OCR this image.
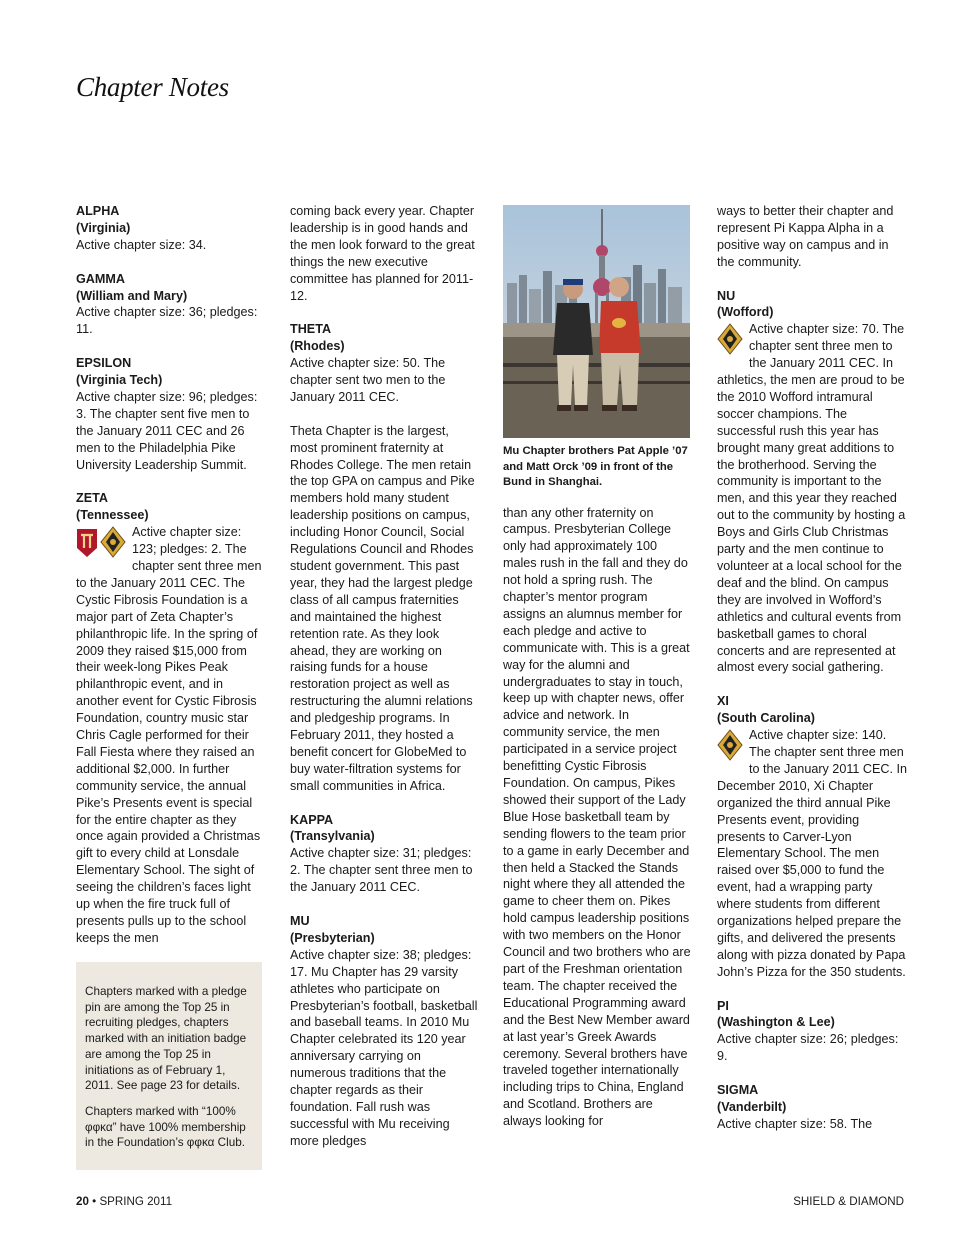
Chapter Notes
ALPHA
(Virginia)

Active chapter size: 34.

GAMMA
(William and Mary)

Active chapter size: 36; pledges: 11.

EPSILON
(Virginia Tech)

Active chapter size: 96; pledges: 3. The chapter sent five men to the January 2011 CEC and 26 men to the Philadelphia Pike University Leadership Summit.

ZETA
(Tennessee)

Active chapter size: 123; pledges: 2. The chapter sent three men to the January 2011 CEC. The Cystic Fibrosis Foundation is a major part of Zeta Chapter’s philanthropic life. In the spring of 2009 they raised $15,000 from their week-long Pikes Peak philanthropic event, and in another event for Cystic Fibrosis Foundation, country music star Chris Cagle performed for their Fall Fiesta where they raised an additional $2,000. In further community service, the annual Pike’s Presents event is special for the entire chapter as they once again provided a Christmas gift to every child at Lonsdale Elementary School. The sight of seeing the children’s faces light up when the fire truck full of presents pulls up to the school keeps the men

Chapters marked with a pledge pin are among the Top 25 in recruiting pledges, chapters marked with an initiation badge are among the Top 25 in initiations as of February 1, 2011. See page 23 for details.

Chapters marked with “100% φφκα” have 100% membership in the Foundation’s φφκα Club.

coming back every year. Chapter leadership is in good hands and the men look forward to the great things the new executive committee has planned for 2011-12.

THETA
(Rhodes)

Active chapter size: 50. The chapter sent two men to the January 2011 CEC.

Theta Chapter is the largest, most prominent fraternity at Rhodes College. The men retain the top GPA on campus and Pike members hold many student leadership positions on campus, including Honor Council, Social Regulations Council and Rhodes student government. This past year, they had the largest pledge class of all campus fraternities and maintained the highest retention rate. As they look ahead, they are working on raising funds for a house restoration project as well as restructuring the alumni relations and pledgeship programs. In February 2011, they hosted a benefit concert for GlobeMed to buy water-filtration systems for small communities in Africa.

KAPPA
(Transylvania)

Active chapter size: 31; pledges: 2. The chapter sent three men to the January 2011 CEC.

MU
(Presbyterian)

Active chapter size: 38; pledges: 17. Mu Chapter has 29 varsity athletes who participate on Presbyterian’s football, basketball and baseball teams. In 2010 Mu Chapter celebrated its 120 year anniversary carrying on numerous traditions that the chapter regards as their foundation. Fall rush was successful with Mu receiving more pledges

Mu Chapter brothers Pat Apple ’07 and Matt Orck ’09 in front of the Bund in Shanghai.

than any other fraternity on campus. Presbyterian College only had approximately 100 males rush in the fall and they do not hold a spring rush. The chapter’s mentor program assigns an alumnus member for each pledge and active to communicate with. This is a great way for the alumni and undergraduates to stay in touch, keep up with chapter news, offer advice and network. In community service, the men participated in a service project benefitting Cystic Fibrosis Foundation. On campus, Pikes showed their support of the Lady Blue Hose basketball team by sending flowers to the team prior to a game in early December and then held a Stacked the Stands night where they all attended the game to cheer them on. Pikes hold campus leadership positions with two members on the Honor Council and two brothers who are part of the Freshman orientation team. The chapter received the Educational Programming award and the Best New Member award at last year’s Greek Awards ceremony. Several brothers have traveled together internationally including trips to China, England and Scotland. Brothers are always looking for

ways to better their chapter and represent Pi Kappa Alpha in a positive way on campus and in the community.

NU
(Wofford)

Active chapter size: 70. The chapter sent three men to the January 2011 CEC. In athletics, the men are proud to be the 2010 Wofford intramural soccer champions. The successful rush this year has brought many great additions to the brotherhood. Serving the community is important to the men, and this year they reached out to the community by hosting a Boys and Girls Club Christmas party and the men continue to volunteer at a local school for the deaf and the blind. On campus they are involved in Wofford’s athletics and cultural events from basketball games to choral concerts and are represented at almost every social gathering.

XI
(South Carolina)

Active chapter size: 140. The chapter sent three men to the January 2011 CEC. In December 2010, Xi Chapter organized the third annual Pike Presents event, providing presents to Carver-Lyon Elementary School. The men raised over $5,000 to fund the event, had a wrapping party where students from different organizations helped prepare the gifts, and delivered the presents along with pizza donated by Papa John’s Pizza for the 350 students.

PI
(Washington & Lee)

Active chapter size: 26; pledges: 9.

SIGMA
(Vanderbilt)

Active chapter size: 58. The

20 • SPRING 2011	SHIELD & DIAMOND
